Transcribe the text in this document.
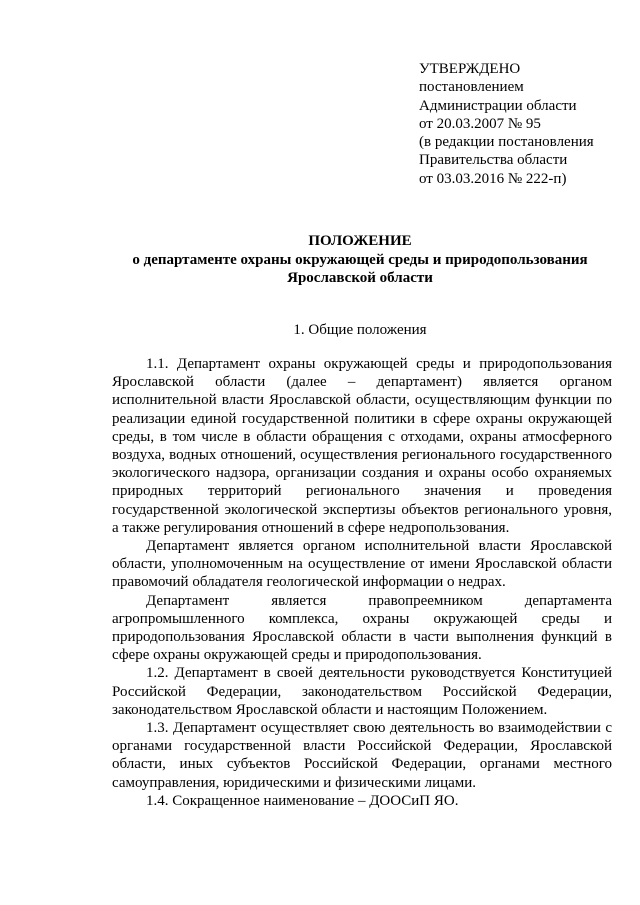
УТВЕРЖДЕНО
постановлением
Администрации области
от 20.03.2007 № 95
(в редакции постановления
Правительства области
от 03.03.2016 № 222-п)
ПОЛОЖЕНИЕ
о департаменте охраны окружающей среды и природопользования
Ярославской области
1. Общие положения

1.1. Департамент охраны окружающей среды и природопользования Ярославской области (далее – департамент) является органом исполнительной власти Ярославской области, осуществляющим функции по реализации единой государственной политики в сфере охраны окружающей среды, в том числе в области обращения с отходами, охраны атмосферного воздуха, водных отношений, осуществления регионального государственного экологического надзора, организации создания и охраны особо охраняемых природных территорий регионального значения и проведения государственной экологической экспертизы объектов регионального уровня, а также регулирования отношений в сфере недропользования.

Департамент является органом исполнительной власти Ярославской области, уполномоченным на осуществление от имени Ярославской области правомочий обладателя геологической информации о недрах.

Департамент является правопреемником департамента агропромышленного комплекса, охраны окружающей среды и природопользования Ярославской области в части выполнения функций в сфере охраны окружающей среды и природопользования.

1.2. Департамент в своей деятельности руководствуется Конституцией Российской Федерации, законодательством Российской Федерации, законодательством Ярославской области и настоящим Положением.

1.3. Департамент осуществляет свою деятельность во взаимодействии с органами государственной власти Российской Федерации, Ярославской области, иных субъектов Российской Федерации, органами местного самоуправления, юридическими и физическими лицами.

1.4. Сокращенное наименование – ДООСиП ЯО.
